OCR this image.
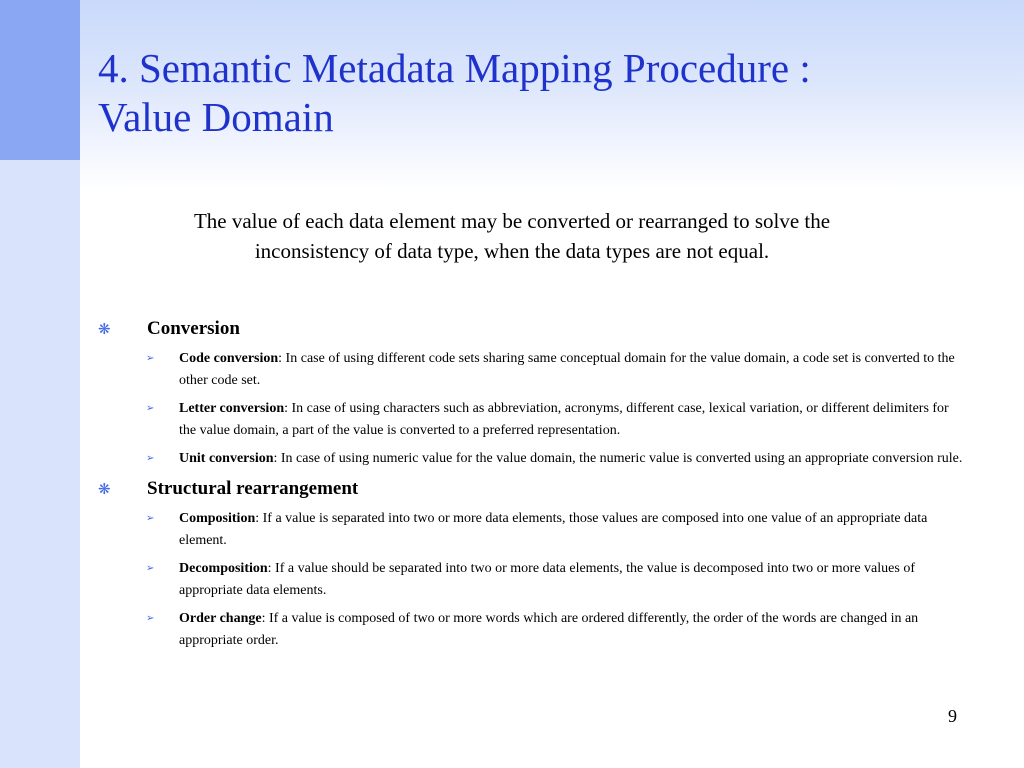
4. Semantic Metadata Mapping Procedure :
Value Domain

The value of each data element may be converted or rearranged to solve the
inconsistency of data type, when the data types are not equal.

❋	Conversion
➢	Code conversion: In case of using different code sets sharing same conceptual domain for the value domain, a code set is converted to the other code set.
➢	Letter conversion: In case of using characters such as abbreviation, acronyms, different case, lexical variation, or different delimiters for the value domain, a part of the value is converted to a preferred representation.
➢	Unit conversion: In case of using numeric value for the value domain, the numeric value is converted using an appropriate conversion rule.
❋	Structural rearrangement
➢	Composition: If a value is separated into two or more data elements, those values are composed into one value of an appropriate data element.
➢	Decomposition: If a value should be separated into two or more data elements, the value is decomposed into two or more values of appropriate data elements.
➢	Order change: If a value is composed of two or more words which are ordered differently, the order of the words are changed in an appropriate order.
9
